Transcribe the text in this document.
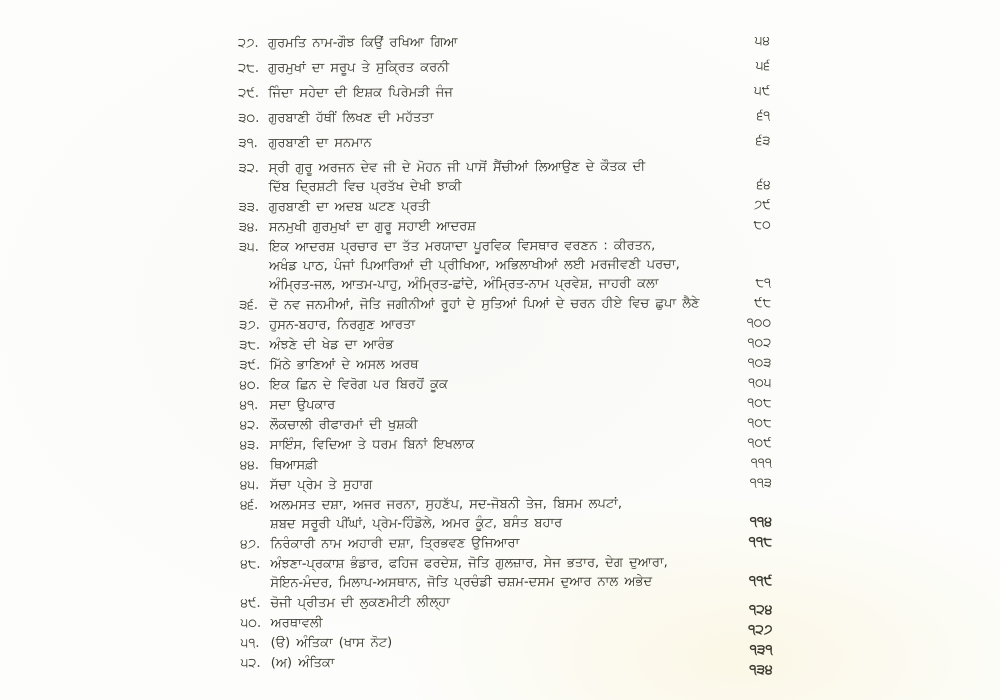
੨੭. ਗੁਰਮਤਿ ਨਾਮ-ਗੌਝ ਕਿਉਂ ਰਖਿਆ ਗਿਆ	੫੪
੨੮. ਗੁਰਮੁਖਾਂ ਦਾ ਸਰੂਪ ਤੇ ਸੁਕ੍ਰਿਤ ਕਰਨੀ	੫੬
੨੯. ਜਿੰਦਾ ਸਹੇਦਾ ਦੀ ਇਸ਼ਕ ਪਿਰੇਮੜੀ ਜੰਜ	੫੯
੩੦. ਗੁਰਬਾਣੀ ਹੱਥੀਂ ਲਿਖਣ ਦੀ ਮਹੱਤਤਾ	੬੧
੩੧. ਗੁਰਬਾਣੀ ਦਾ ਸਨਮਾਨ	੬੩
੩੨. ਸ੍ਰੀ ਗੁਰੂ ਅਰਜਨ ਦੇਵ ਜੀ ਦੇ ਮੋਹਨ ਜੀ ਪਾਸੋਂ ਸੈਂਚੀਆਂ ਲਿਆਉਣ ਦੇ ਕੌਤਕ ਦੀ
ਦਿੱਬ ਦ੍ਰਿਸ਼ਟੀ ਵਿਚ ਪ੍ਰਤੱਖ ਦੇਖੀ ਝਾਕੀ	੬੪
੩੩. ਗੁਰਬਾਣੀ ਦਾ ਅਦਬ ਘਟਣ ਪ੍ਰਤੀ	੭੯
੩੪. ਸਨਮੁਖੀ ਗੁਰਮੁਖਾਂ ਦਾ ਗੁਰੂ ਸਹਾਈ ਆਦਰਸ਼	੮੦
੩੫. ਇਕ ਆਦਰਸ਼ ਪ੍ਰਚਾਰ ਦਾ ਤੱਤ ਮਰਯਾਦਾ ਪੂਰਵਿਕ ਵਿਸਥਾਰ ਵਰਣਨ : ਕੀਰਤਨ,
ਅਖੰਡ ਪਾਠ, ਪੰਜਾਂ ਪਿਆਰਿਆਂ ਦੀ ਪ੍ਰੀਖਿਆ, ਅਭਿਲਾਖੀਆਂ ਲਈ ਮਰਜੀਵਣੀ ਪਰਚਾ,
ਅੰਮ੍ਰਿਤ-ਜਲ, ਆਤਮ-ਪਾਹੁ, ਅੰਮ੍ਰਿਤ-ਛਾਂਦੇ, ਅੰਮ੍ਰਿਤ-ਨਾਮ ਪ੍ਰਵੇਸ਼, ਜਾਹਰੀ ਕਲਾ	੮੧
੩੬. ਦੋ ਨਵ ਜਨਮੀਆਂ, ਜੋਤਿ ਜਗੀਨੀਆਂ ਰੂਹਾਂ ਦੇ ਸੁਤਿਆਂ ਪਿਆਂ ਦੇ ਚਰਨ ਹੀਏ ਵਿਚ ਛੁਪਾ ਲੈਣੇ	੯੮
੩੭. ਹੁਸਨ-ਬਹਾਰ, ਨਿਰਗੁਣ ਆਰਤਾ	੧੦੦
੩੮. ਅੰਝਣੇ ਦੀ ਖੇਡ ਦਾ ਆਰੰਭ	੧੦੨
੩੯. ਮਿੱਠੇ ਭਾਣਿਆਂ ਦੇ ਅਸਲ ਅਰਥ	੧੦੩
੪੦. ਇਕ ਛਿਨ ਦੇ ਵਿਰੋਗ ਪਰ ਬਿਰਹੋਂ ਕੂਕ	੧੦੫
੪੧. ਸਦਾ ਉਪਕਾਰ	੧੦੮
੪੨. ਲੌਕਚਾਲੀ ਰੀਫਾਰਮਾਂ ਦੀ ਖੁਸ਼ਕੀ	੧੦੮
੪੩. ਸਾਇੰਸ, ਵਿਦਿਆ ਤੇ ਧਰਮ ਬਿਨਾਂ ਇਖਲਾਕ	੧੦੯
੪੪. ਥਿਆਸਫ਼ੀ	੧੧੧
੪੫. ਸੱਚਾ ਪ੍ਰੇਮ ਤੇ ਸੁਹਾਗ	੧੧੩
੪੬. ਅਲਮਸਤ ਦਸ਼ਾ, ਅਜਰ ਜਰਨਾ, ਸੁਹਣੱਪ, ਸਦ-ਜੋਬਨੀ ਤੇਜ, ਬਿਸਮ ਲਪਟਾਂ,
ਸ਼ਬਦ ਸਰੂਰੀ ਪੀਂਘਾਂ, ਪ੍ਰੇਮ-ਹਿੰਡੋਲੇ, ਅਮਰ ਕੂੰਟ, ਬਸੰਤ ਬਹਾਰ	੧੧੪
੪੭. ਨਿਰੰਕਾਰੀ ਨਾਮ ਅਹਾਰੀ ਦਸ਼ਾ, ਤ੍ਰਿਭਵਣ ਉਜਿਆਰਾ	੧੧੮
੪੮. ਅੰਝਣਾ-ਪ੍ਰਕਾਸ਼ ਭੰਡਾਰ, ਫਹਿਜ ਫਰਦੇਸ਼, ਜੋਤਿ ਗੁਲਜ਼ਾਰ, ਸੇਜ ਭਤਾਰ, ਦੇਗ ਦੁਆਰਾ,
ਸੋਇਨ-ਮੰਦਰ, ਮਿਲਾਪ-ਅਸਥਾਨ, ਜੋਤਿ ਪ੍ਰਚੰਡੀ ਚਸ਼ਮ-ਦਸਮ ਦੁਆਰ ਨਾਲ ਅਭੇਦ	੧੧੯
੪੯. ਚੋਜੀ ਪ੍ਰੀਤਮ ਦੀ ਲੁਕਣਮੀਟੀ ਲੀਲ੍ਹਾ	੧੨੪
੫੦. ਅਰਥਾਵਲੀ	੧੨੭
੫੧. (ੳ) ਅੰਤਿਕਾ (ਖਾਸ ਨੋਟ)	੧੩੧
੫੨. (ਅ) ਅੰਤਿਕਾ	੧੩੪
